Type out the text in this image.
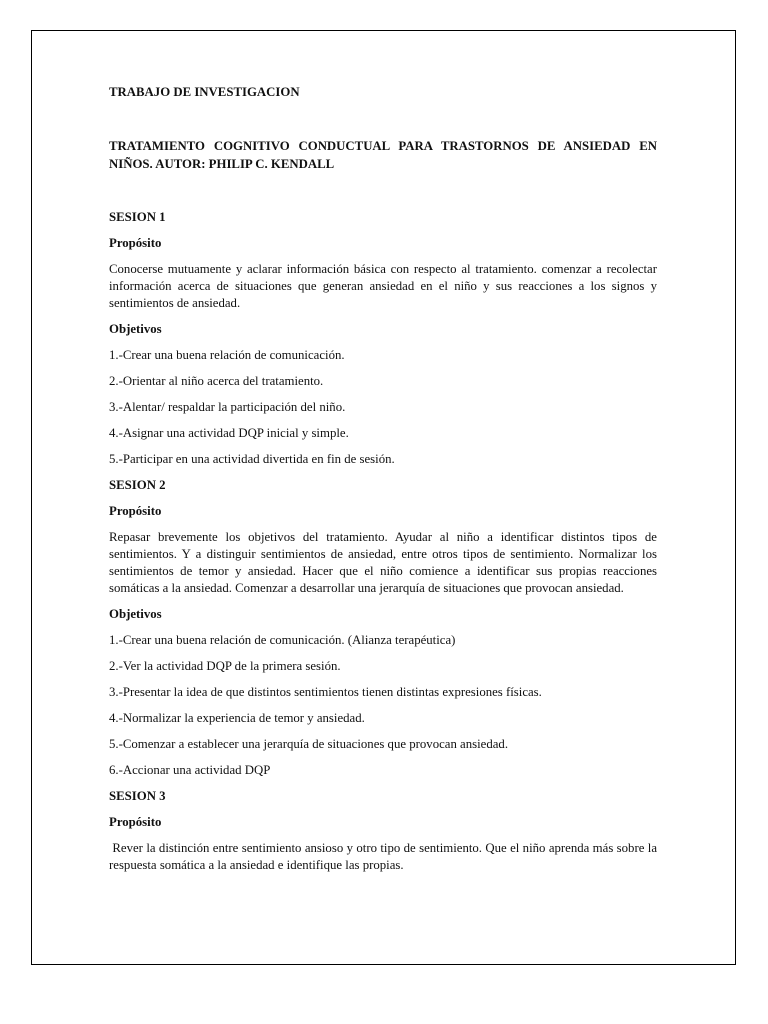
TRABAJO DE INVESTIGACION

TRATAMIENTO COGNITIVO CONDUCTUAL PARA TRASTORNOS DE ANSIEDAD EN NIÑOS. AUTOR: PHILIP C. KENDALL

SESION 1

Propósito

Conocerse mutuamente y aclarar información básica con respecto al tratamiento. comenzar a recolectar información acerca de situaciones que generan ansiedad en el niño y sus reacciones a los signos y sentimientos de ansiedad.

Objetivos

1.-Crear una buena relación de comunicación.

2.-Orientar al niño acerca del tratamiento.

3.-Alentar/ respaldar la participación del niño.

4.-Asignar una actividad DQP inicial y simple.

5.-Participar en una actividad divertida en fin de sesión.

SESION 2

Propósito

Repasar brevemente los objetivos del tratamiento. Ayudar al niño a identificar distintos tipos de sentimientos. Y a distinguir sentimientos de ansiedad, entre otros tipos de sentimiento. Normalizar los sentimientos de temor y ansiedad. Hacer que el niño comience a identificar sus propias reacciones somáticas a la ansiedad. Comenzar a desarrollar una jerarquía de situaciones que provocan ansiedad.

Objetivos

1.-Crear una buena relación de comunicación. (Alianza terapéutica)

2.-Ver la actividad DQP de la primera sesión.

3.-Presentar la idea de que distintos sentimientos tienen distintas expresiones físicas.

4.-Normalizar la experiencia de temor y ansiedad.

5.-Comenzar a establecer una jerarquía de situaciones que provocan ansiedad.

6.-Accionar una actividad DQP

SESION 3

Propósito

Rever la distinción entre sentimiento ansioso y otro tipo de sentimiento. Que el niño aprenda más sobre la respuesta somática a la ansiedad e identifique las propias.
